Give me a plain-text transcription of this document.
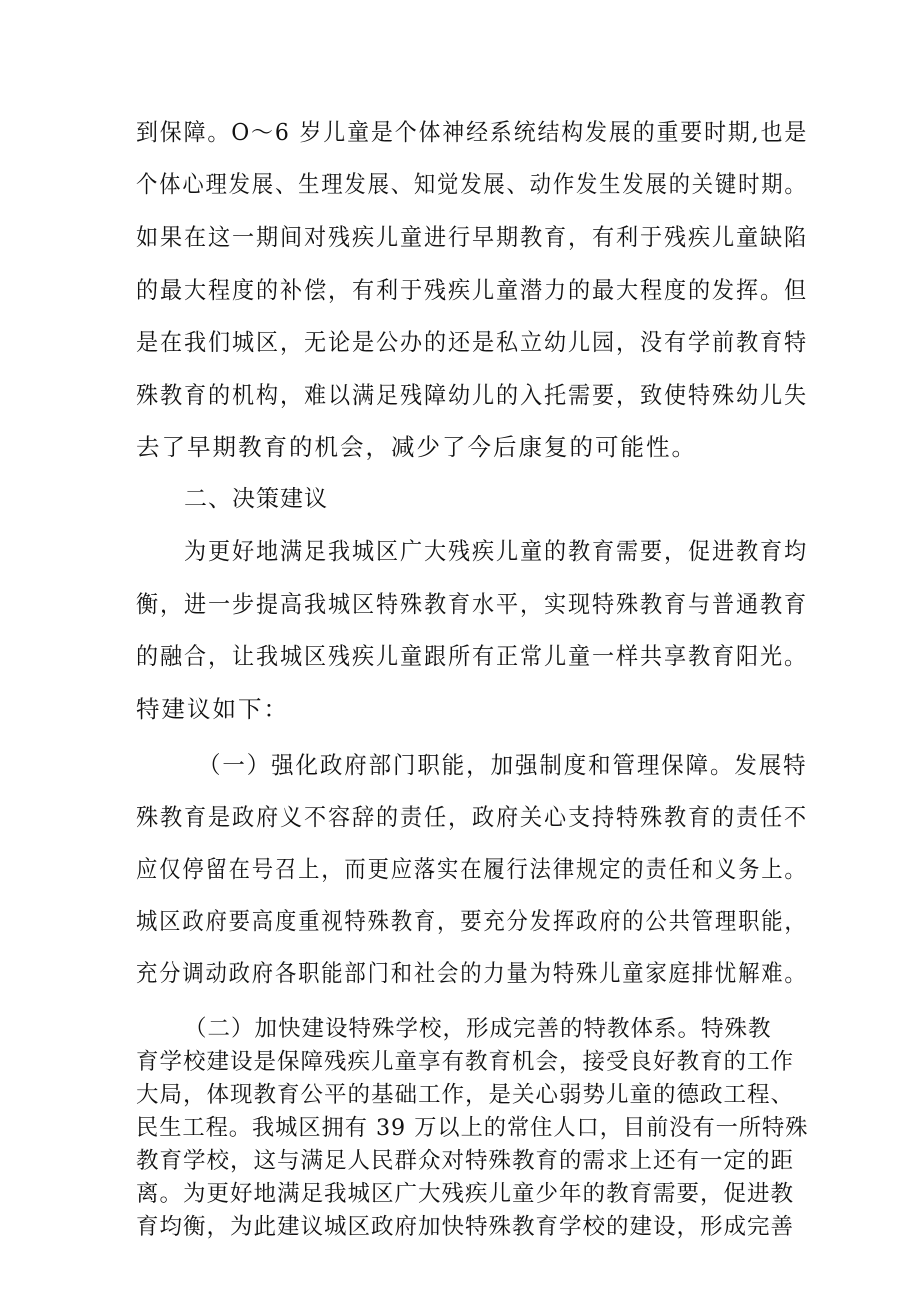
到保障。O～6 岁儿童是个体神经系统结构发展的重要时期,也是
个体心理发展、生理发展、知觉发展、动作发生发展的关键时期。
如果在这一期间对残疾儿童进行早期教育，有利于残疾儿童缺陷
的最大程度的补偿，有利于残疾儿童潜力的最大程度的发挥。但
是在我们城区，无论是公办的还是私立幼儿园，没有学前教育特
殊教育的机构，难以满足残障幼儿的入托需要，致使特殊幼儿失
去了早期教育的机会，减少了今后康复的可能性。
二、决策建议
为更好地满足我城区广大残疾儿童的教育需要，促进教育均
衡，进一步提高我城区特殊教育水平，实现特殊教育与普通教育
的融合，让我城区残疾儿童跟所有正常儿童一样共享教育阳光。
特建议如下：
（一）强化政府部门职能，加强制度和管理保障。发展特
殊教育是政府义不容辞的责任，政府关心支持特殊教育的责任不
应仅停留在号召上，而更应落实在履行法律规定的责任和义务上。
城区政府要高度重视特殊教育，要充分发挥政府的公共管理职能，
充分调动政府各职能部门和社会的力量为特殊儿童家庭排忧解难。
（二）加快建设特殊学校，形成完善的特教体系。特殊教
育学校建设是保障残疾儿童享有教育机会，接受良好教育的工作
大局，体现教育公平的基础工作，是关心弱势儿童的德政工程、
民生工程。我城区拥有 39 万以上的常住人口，目前没有一所特殊
教育学校，这与满足人民群众对特殊教育的需求上还有一定的距
离。为更好地满足我城区广大残疾儿童少年的教育需要，促进教
育均衡，为此建议城区政府加快特殊教育学校的建设，形成完善
